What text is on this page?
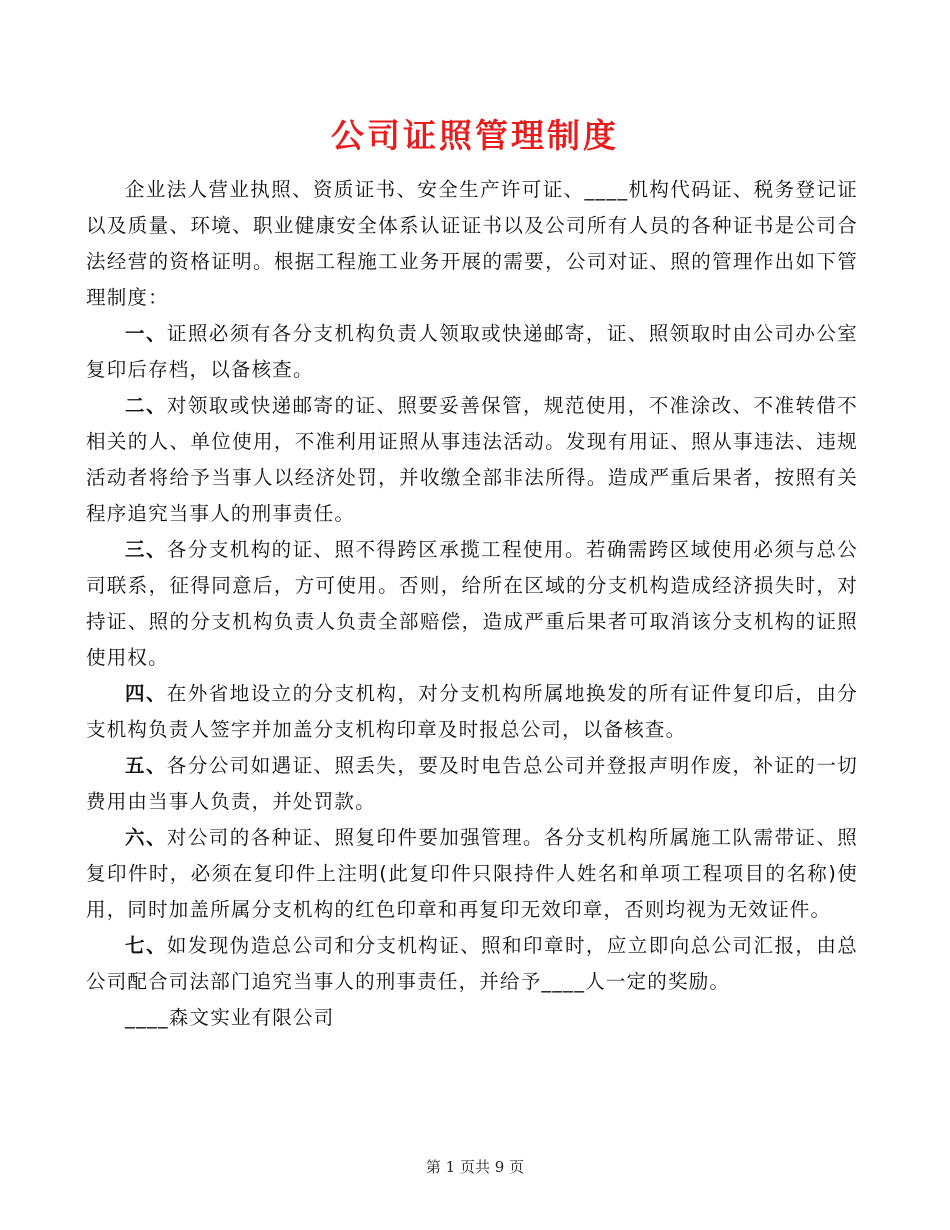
公司证照管理制度

企业法人营业执照、资质证书、安全生产许可证、____机构代码证、税务登记证以及质量、环境、职业健康安全体系认证证书以及公司所有人员的各种证书是公司合法经营的资格证明。根据工程施工业务开展的需要，公司对证、照的管理作出如下管理制度：

一、证照必须有各分支机构负责人领取或快递邮寄，证、照领取时由公司办公室复印后存档，以备核查。

二、对领取或快递邮寄的证、照要妥善保管，规范使用，不准涂改、不准转借不相关的人、单位使用，不准利用证照从事违法活动。发现有用证、照从事违法、违规活动者将给予当事人以经济处罚，并收缴全部非法所得。造成严重后果者，按照有关程序追究当事人的刑事责任。

三、各分支机构的证、照不得跨区承揽工程使用。若确需跨区域使用必须与总公司联系，征得同意后，方可使用。否则，给所在区域的分支机构造成经济损失时，对持证、照的分支机构负责人负责全部赔偿，造成严重后果者可取消该分支机构的证照使用权。

四、在外省地设立的分支机构，对分支机构所属地换发的所有证件复印后，由分支机构负责人签字并加盖分支机构印章及时报总公司，以备核查。

五、各分公司如遇证、照丢失，要及时电告总公司并登报声明作废，补证的一切费用由当事人负责，并处罚款。

六、对公司的各种证、照复印件要加强管理。各分支机构所属施工队需带证、照复印件时，必须在复印件上注明(此复印件只限持件人姓名和单项工程项目的名称)使用，同时加盖所属分支机构的红色印章和再复印无效印章，否则均视为无效证件。

七、如发现伪造总公司和分支机构证、照和印章时，应立即向总公司汇报，由总公司配合司法部门追究当事人的刑事责任，并给予____人一定的奖励。

____森文实业有限公司

第 1 页共 9 页
